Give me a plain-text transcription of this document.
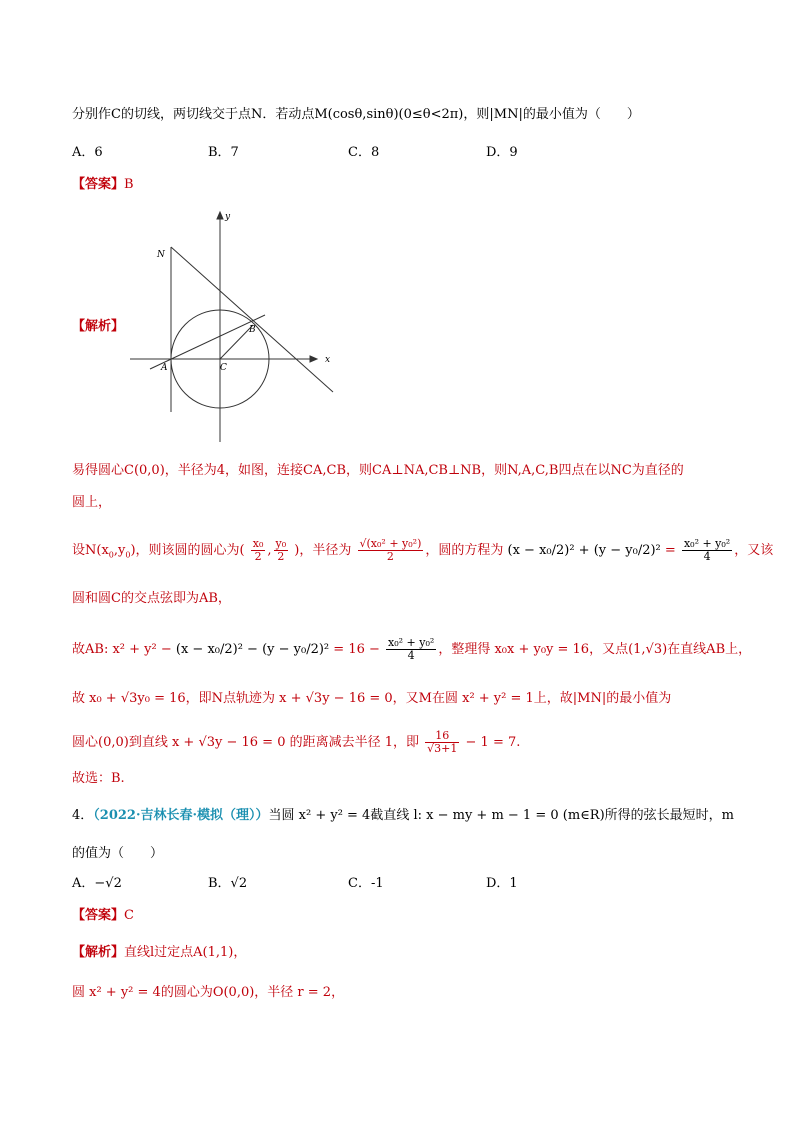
分别作C的切线，两切线交于点N．若动点M(cosθ,sinθ)(0≤θ<2π)，则|MN|的最小值为（　　）
A．6	B．7	C．8	D．9
【答案】B
【解析】
x
y
N
B
A	C
易得圆心C(0,0)，半径为4，如图，连接CA,CB，则CA⊥NA,CB⊥NB，则N,A,C,B四点在以NC为直径的
圆上，
设$N(x_0,y_0)$，则该圆的圆心为( $\frac{\text{x₀}}{2}$ , $\frac{\text{y₀}}{2}$ )，半径为 $\frac{\text{√(x₀² + y₀²)}}{2}$ ，圆的方程为 $(x - x_0/2)^2 + (y - y_0/2)^2 = \frac{\text{x₀² + y₀²}}{4}$ ，又该
圆和圆C的交点弦即为AB，
故AB: $x^2 + y^2 - (x - x_0/2)^2 - (y - y_0/2)^2 = 16 - \frac{\text{x₀² + y₀²}}{4}$ ，整理得 x₀x + y₀y = 16，又点(1,√3)在直线AB上，
故 x₀ + √3y₀ = 16，即N点轨迹为 x + √3y − 16 = 0，又M在圆 x² + y² = 1上，故|MN|的最小值为
圆心(0,0)到直线 x + √3y − 16 = 0 的距离减去半径 1，即 $\frac{16}{√3+1} - 1 = 7$.
故选：B.
4．（2022·吉林长春·模拟（理））当圆 x² + y² = 4截直线 l: x − my + m − 1 = 0 (m∈R)所得的弦长最短时，m
的值为（　　）
A．−√2	B．√2	C．-1	D．1
【答案】C
【解析】直线l过定点A(1,1)，
圆 x² + y² = 4的圆心为O(0,0)，半径 r = 2，
